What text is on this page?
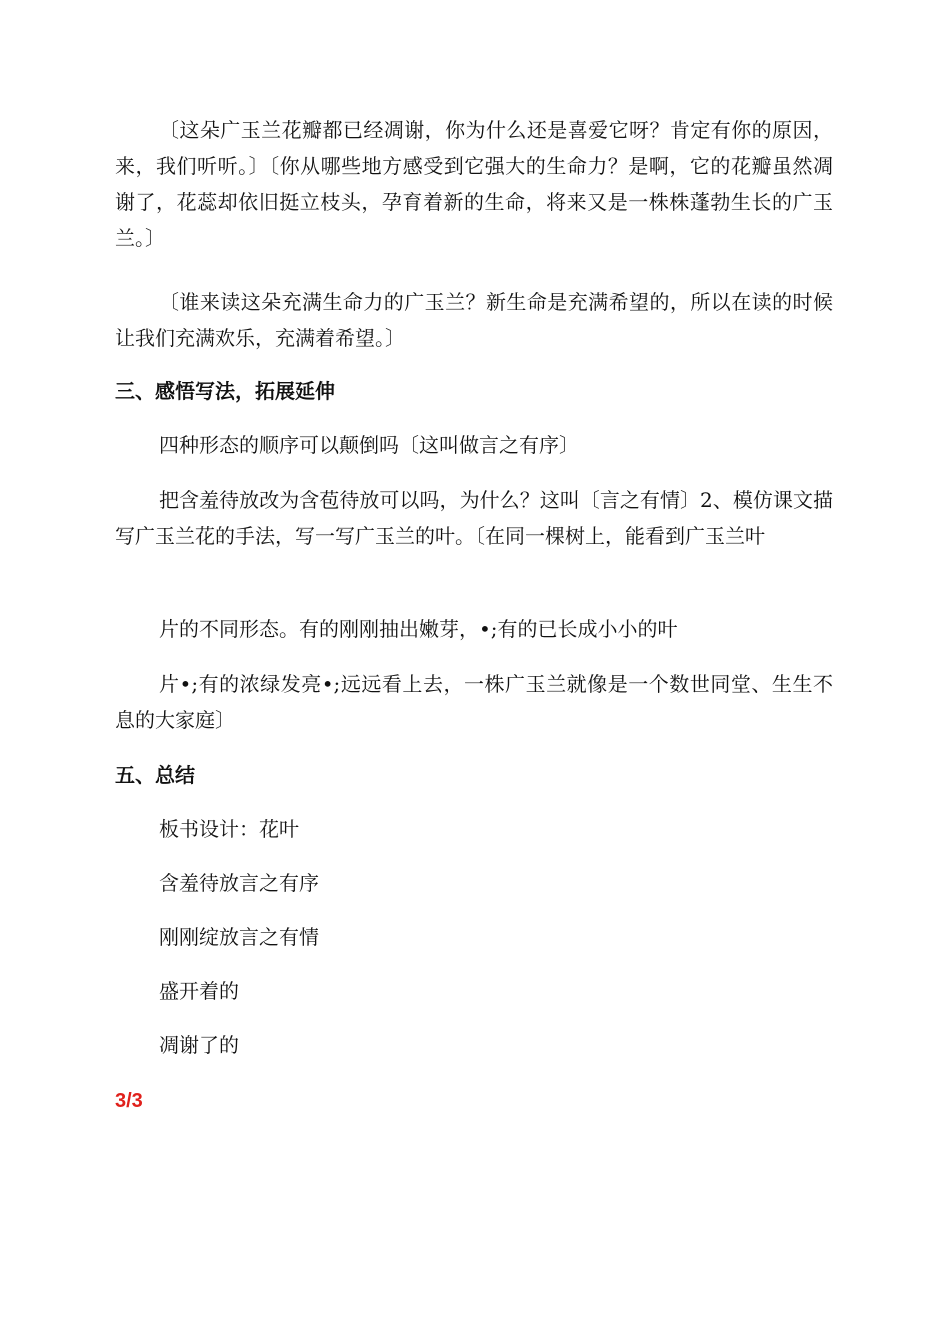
〔这朵广玉兰花瓣都已经凋谢，你为什么还是喜爱它呀？肯定有你的原因，来，我们听听。〕〔你从哪些地方感受到它强大的生命力？是啊，它的花瓣虽然凋谢了，花蕊却依旧挺立枝头，孕育着新的生命，将来又是一株株蓬勃生长的广玉兰。〕

〔谁来读这朵充满生命力的广玉兰？新生命是充满希望的，所以在读的时候让我们充满欢乐，充满着希望。〕

三、感悟写法，拓展延伸

四种形态的顺序可以颠倒吗〔这叫做言之有序〕

把含羞待放改为含苞待放可以吗，为什么？这叫〔言之有情〕2、模仿课文描写广玉兰花的手法，写一写广玉兰的叶。〔在同一棵树上，能看到广玉兰叶

片的不同形态。有的刚刚抽出嫩芽，•;有的已长成小小的叶

片•;有的浓绿发亮•;远远看上去，一株广玉兰就像是一个数世同堂、生生不息的大家庭〕

五、总结

板书设计：花叶

含羞待放言之有序

刚刚绽放言之有情

盛开着的

凋谢了的

3/3
